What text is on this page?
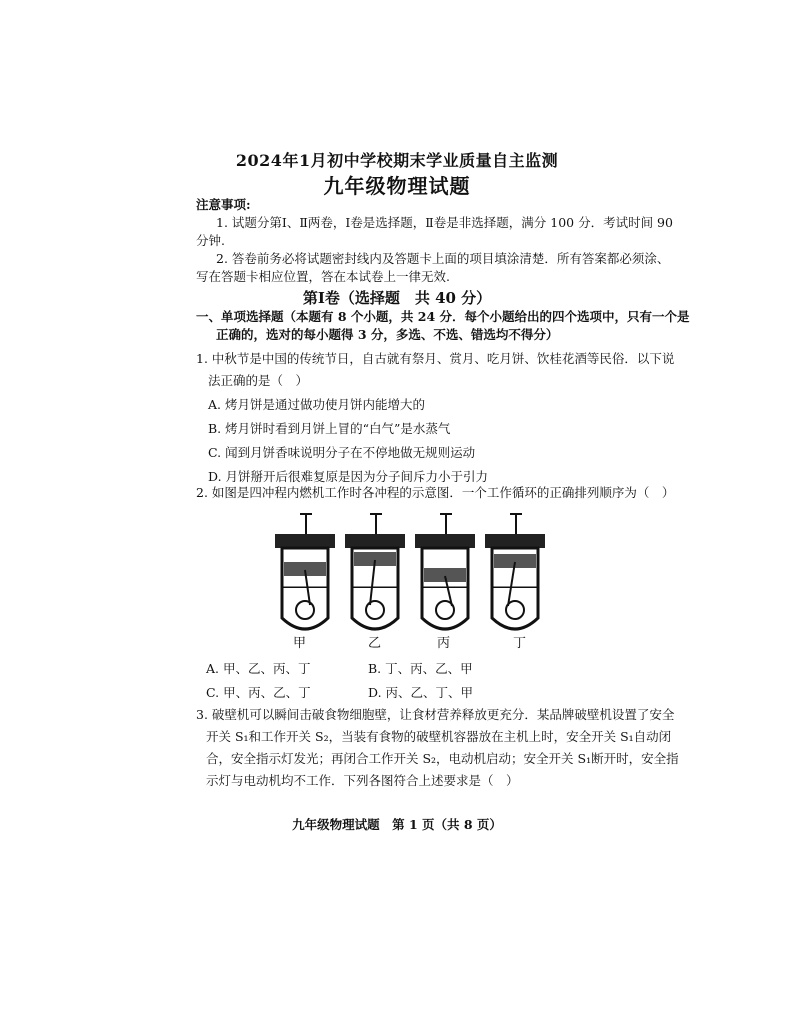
2024年1月初中学校期末学业质量自主监测
九年级物理试题
注意事项:
1. 试题分第Ⅰ、Ⅱ两卷，Ⅰ卷是选择题，Ⅱ卷是非选择题，满分 100 分．考试时间 90
分钟.
2. 答卷前务必将试题密封线内及答题卡上面的项目填涂清楚．所有答案都必须涂、
写在答题卡相应位置，答在本试卷上一律无效.
第Ⅰ卷（选择题　共 40 分）
一、单项选择题（本题有 8 个小题，共 24 分．每个小题给出的四个选项中，只有一个是
正确的，选对的每小题得 3 分，多选、不选、错选均不得分）
1. 中秋节是中国的传统节日，自古就有祭月、赏月、吃月饼、饮桂花酒等民俗．以下说
法正确的是（　）
A. 烤月饼是通过做功使月饼内能增大的
B. 烤月饼时看到月饼上冒的“白气”是水蒸气
C. 闻到月饼香味说明分子在不停地做无规则运动
D. 月饼掰开后很难复原是因为分子间斥力小于引力
2. 如图是四冲程内燃机工作时各冲程的示意图．一个工作循环的正确排列顺序为（　）
甲	乙	丙	丁
A. 甲、乙、丙、丁	B. 丁、丙、乙、甲
C. 甲、丙、乙、丁	D. 丙、乙、丁、甲
3. 破壁机可以瞬间击破食物细胞壁，让食材营养释放更充分．某品牌破壁机设置了安全
开关 S₁和工作开关 S₂，当装有食物的破壁机容器放在主机上时，安全开关 S₁自动闭
合，安全指示灯发光；再闭合工作开关 S₂，电动机启动；安全开关 S₁断开时，安全指
示灯与电动机均不工作．下列各图符合上述要求是（　）
九年级物理试题　第 1 页（共 8 页）
